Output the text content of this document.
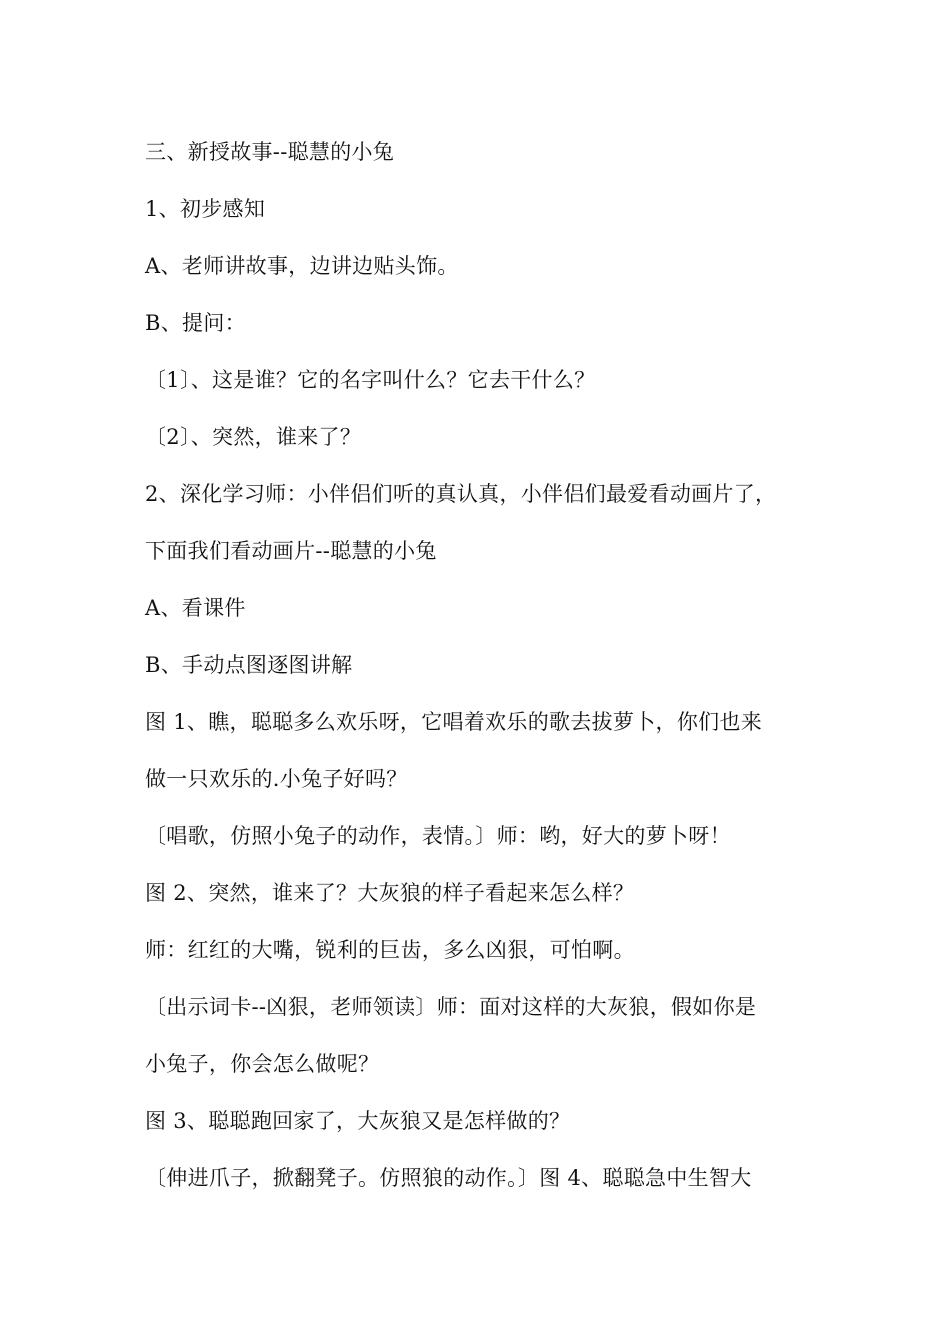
三、新授故事--聪慧的小兔
1、初步感知
A、老师讲故事，边讲边贴头饰。
B、提问：
〔1〕、这是谁？它的名字叫什么？它去干什么？
〔2〕、突然，谁来了？
2、深化学习师：小伴侣们听的真认真，小伴侣们最爱看动画片了，
下面我们看动画片--聪慧的小兔
A、看课件
B、手动点图逐图讲解
图 1、瞧，聪聪多么欢乐呀，它唱着欢乐的歌去拔萝卜，你们也来
做一只欢乐的.小兔子好吗？
〔唱歌，仿照小兔子的动作，表情。〕师：哟，好大的萝卜呀！
图 2、突然，谁来了？大灰狼的样子看起来怎么样？
师：红红的大嘴，锐利的巨齿，多么凶狠，可怕啊。
〔出示词卡--凶狠，老师领读〕师：面对这样的大灰狼，假如你是
小兔子，你会怎么做呢？
图 3、聪聪跑回家了，大灰狼又是怎样做的？
〔伸进爪子，掀翻凳子。仿照狼的动作。〕图 4、聪聪急中生智大
